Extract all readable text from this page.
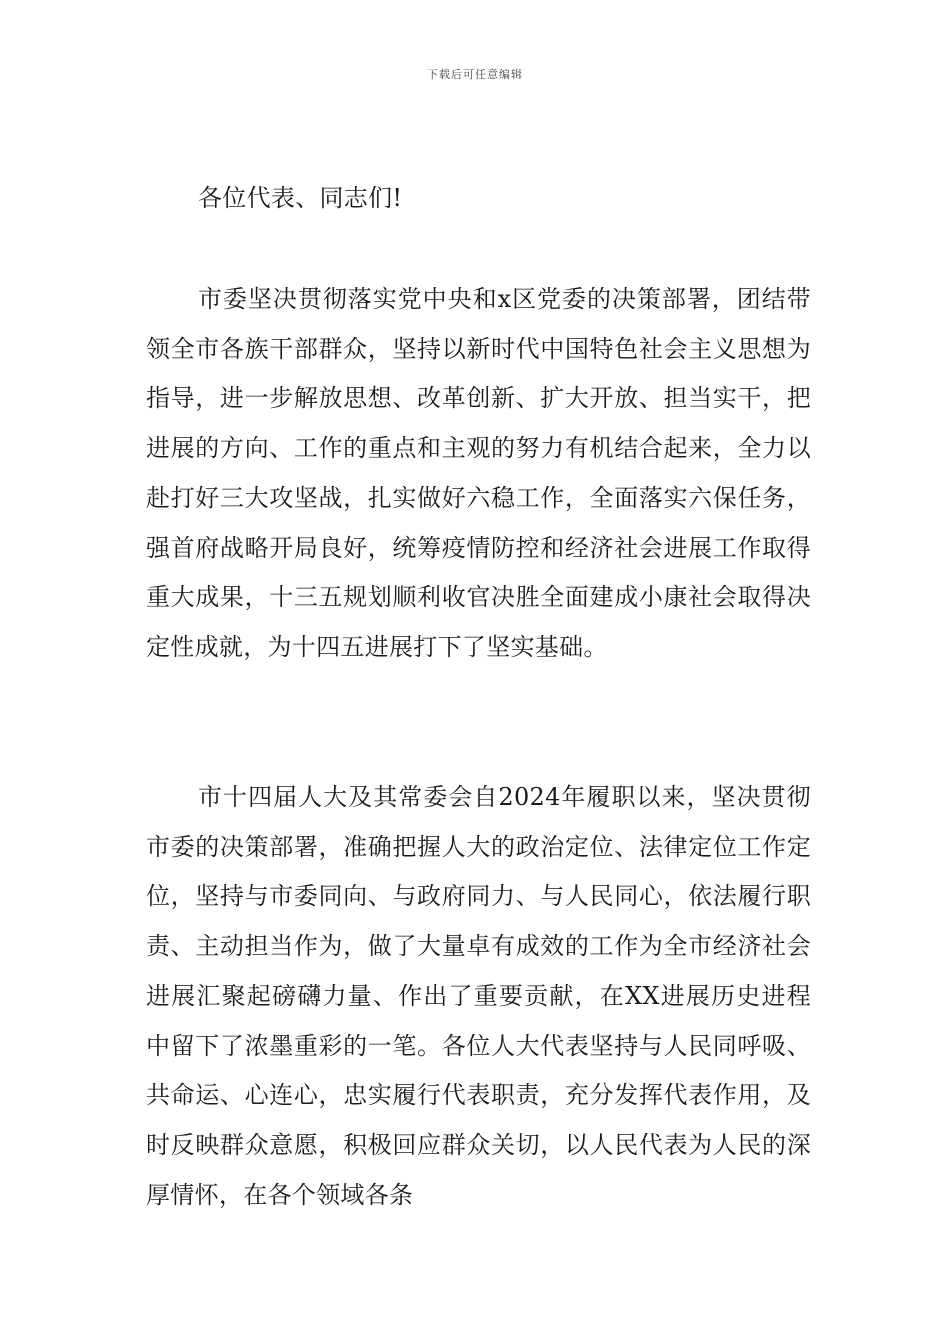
下载后可任意编辑

各位代表、同志们!

市委坚决贯彻落实党中央和x区党委的决策部署，团结带领全市各族干部群众，坚持以新时代中国特色社会主义思想为指导，进一步解放思想、改革创新、扩大开放、担当实干，把进展的方向、工作的重点和主观的努力有机结合起来，全力以赴打好三大攻坚战，扎实做好六稳工作，全面落实六保任务，强首府战略开局良好，统筹疫情防控和经济社会进展工作取得重大成果，十三五规划顺利收官决胜全面建成小康社会取得决定性成就，为十四五进展打下了坚实基础。

市十四届人大及其常委会自2024年履职以来，坚决贯彻市委的决策部署，准确把握人大的政治定位、法律定位工作定位，坚持与市委同向、与政府同力、与人民同心，依法履行职责、主动担当作为，做了大量卓有成效的工作为全市经济社会进展汇聚起磅礴力量、作出了重要贡献，在XX进展历史进程中留下了浓墨重彩的一笔。各位人大代表坚持与人民同呼吸、共命运、心连心，忠实履行代表职责，充分发挥代表作用，及时反映群众意愿，积极回应群众关切，以人民代表为人民的深厚情怀，在各个领域各条
